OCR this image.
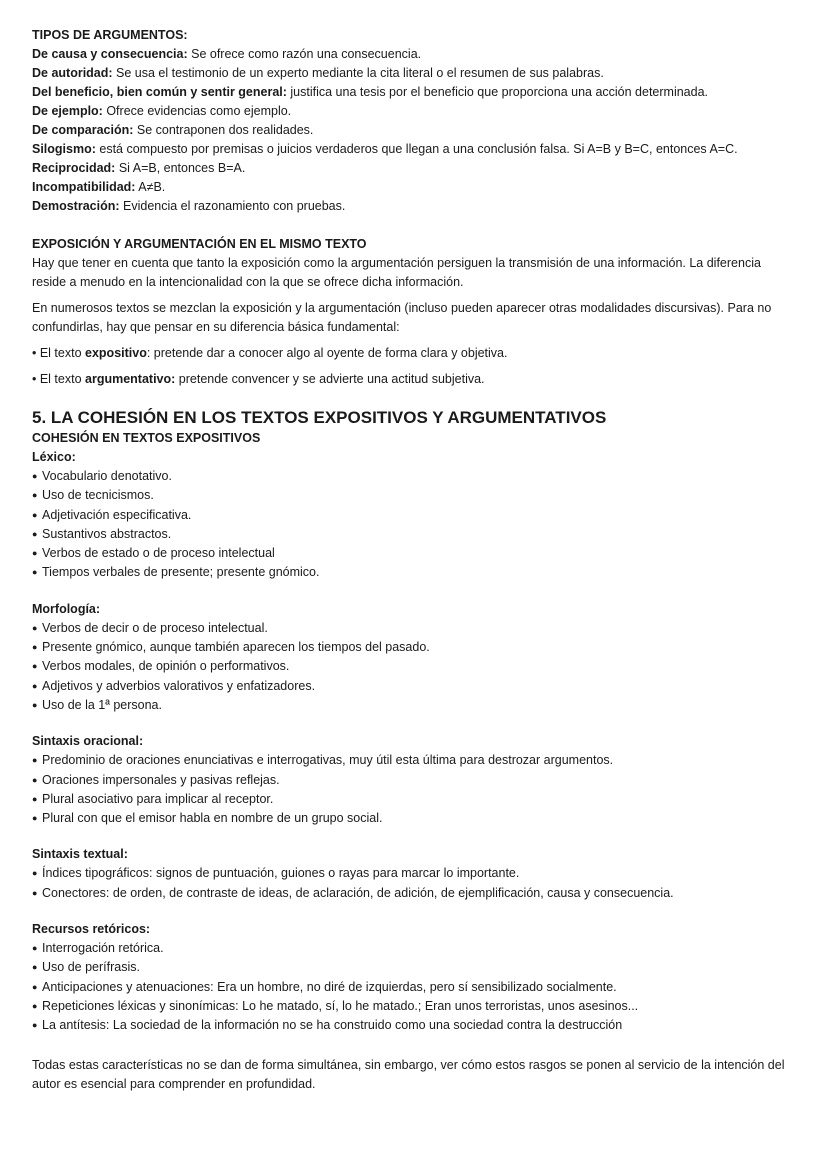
TIPOS DE ARGUMENTOS:

De causa y consecuencia: Se ofrece como razón una consecuencia.

De autoridad: Se usa el testimonio de un experto mediante la cita literal o el resumen de sus palabras.

Del beneficio, bien común y sentir general: justifica una tesis por el beneficio que proporciona una acción determinada.

De ejemplo: Ofrece evidencias como ejemplo.

De comparación: Se contraponen dos realidades.

Silogismo: está compuesto por premisas o juicios verdaderos que llegan a una conclusión falsa. Si A=B y B=C, entonces A=C.

Reciprocidad: Si A=B, entonces B=A.

Incompatibilidad: A≠B.

Demostración: Evidencia el razonamiento con pruebas.

EXPOSICIÓN Y ARGUMENTACIÓN EN EL MISMO TEXTO

Hay que tener en cuenta que tanto la exposición como la argumentación persiguen la transmisión de una información. La diferencia reside a menudo en la intencionalidad con la que se ofrece dicha información.

En numerosos textos se mezclan la exposición y la argumentación (incluso pueden aparecer otras modalidades discursivas). Para no confundirlas, hay que pensar en su diferencia básica fundamental:

• El texto expositivo: pretende dar a conocer algo al oyente de forma clara y objetiva.

• El texto argumentativo: pretende convencer y se advierte una actitud subjetiva.

5. LA COHESIÓN EN LOS TEXTOS EXPOSITIVOS Y ARGUMENTATIVOS

COHESIÓN EN TEXTOS EXPOSITIVOS

Léxico:

● Vocabulario denotativo.
● Uso de tecnicismos.
● Adjetivación especificativa.
● Sustantivos abstractos.
● Verbos de estado o de proceso intelectual
● Tiempos verbales de presente; presente gnómico.

Morfología:

● Verbos de decir o de proceso intelectual.
● Presente gnómico, aunque también aparecen los tiempos del pasado.
● Verbos modales, de opinión o performativos.
● Adjetivos y adverbios valorativos y enfatizadores.
● Uso de la 1ª persona.

Sintaxis oracional:

● Predominio de oraciones enunciativas e interrogativas, muy útil esta última para destrozar argumentos.
● Oraciones impersonales y pasivas reflejas.
● Plural asociativo para implicar al receptor.
● Plural con que el emisor habla en nombre de un grupo social.

Sintaxis textual:

● Índices tipográficos: signos de puntuación, guiones o rayas para marcar lo importante.
● Conectores: de orden, de contraste de ideas, de aclaración, de adición, de ejemplificación, causa y consecuencia.

Recursos retóricos:

● Interrogación retórica.
● Uso de perífrasis.
● Anticipaciones y atenuaciones: Era un hombre, no diré de izquierdas, pero sí sensibilizado socialmente.
● Repeticiones léxicas y sinonímicas: Lo he matado, sí, lo he matado.; Eran unos terroristas, unos asesinos...
● La antítesis: La sociedad de la información no se ha construido como una sociedad contra la destrucción

Todas estas características no se dan de forma simultánea, sin embargo, ver cómo estos rasgos se ponen al servicio de la intención del autor es esencial para comprender en profundidad.
